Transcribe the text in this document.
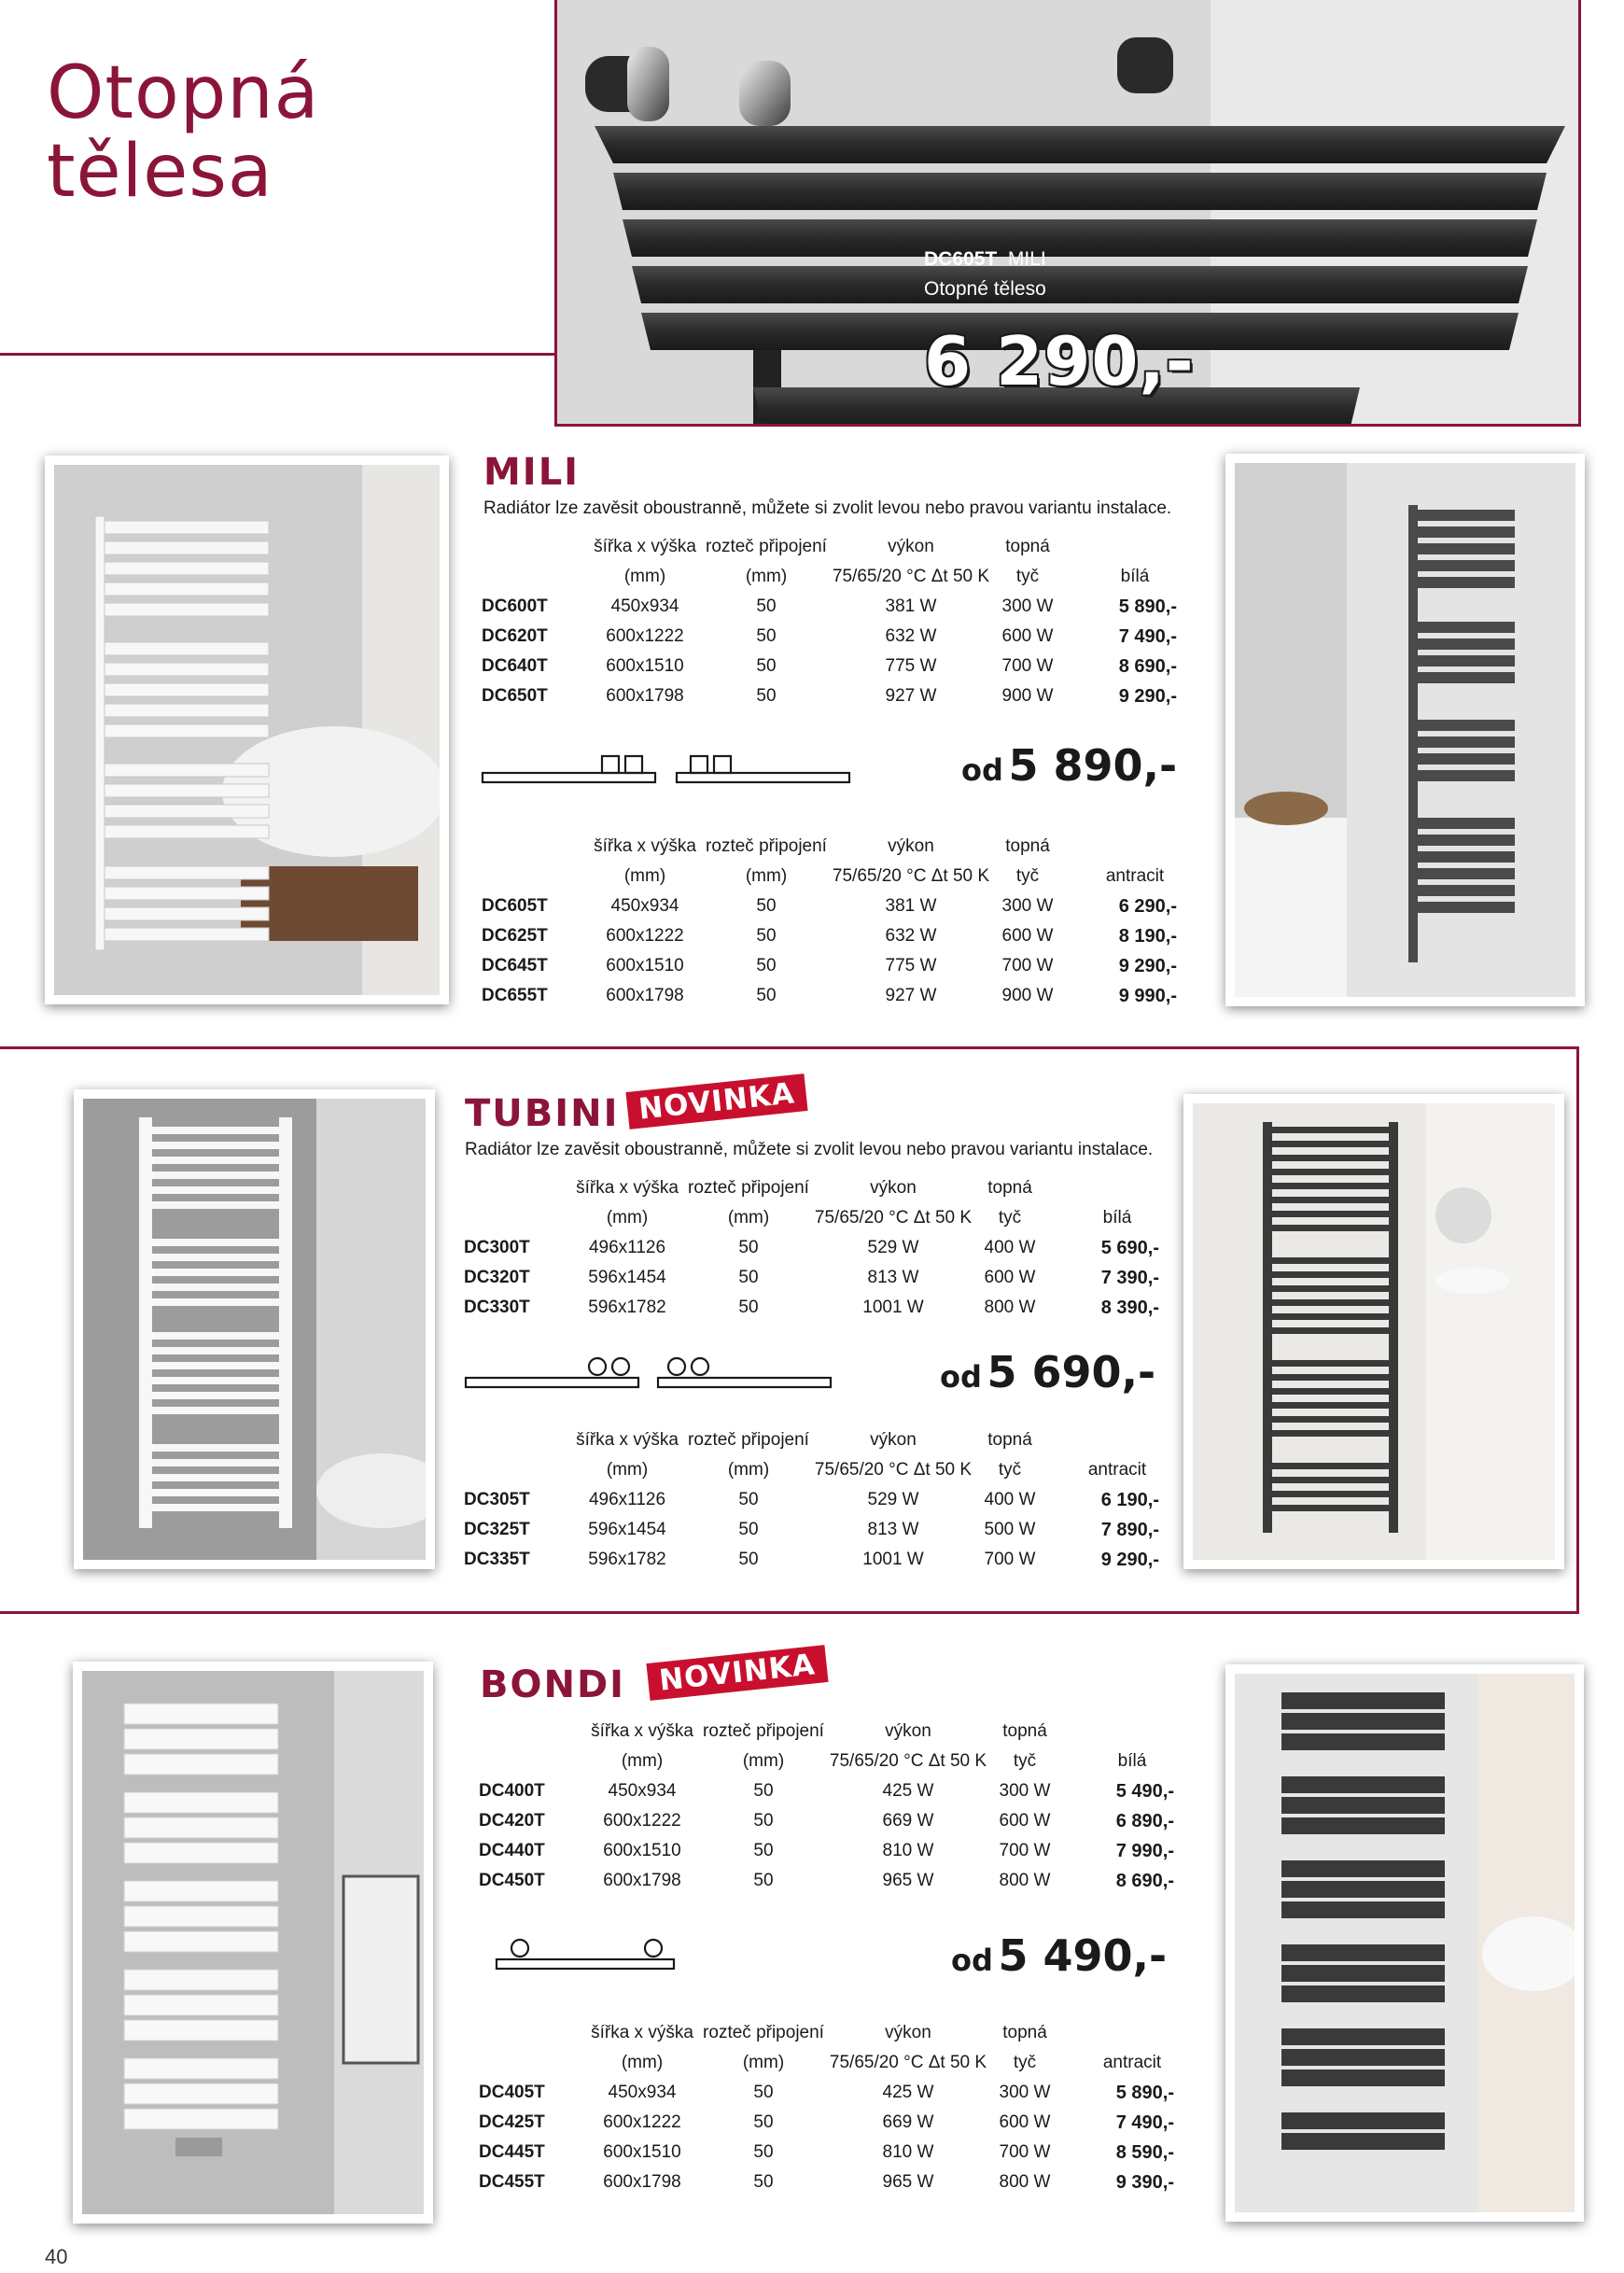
Otopná
tělesa
DC605T MILI
Otopné těleso
6 290,-
MILI
Radiátor lze zavěsit oboustranně, můžete si zvolit levou nebo pravou variantu instalace.
šířka x výška rozteč připojení	výkon	topná
(mm)	(mm)	75/65/20 °C Δt 50 K	tyč	bílá
DC600T	450x934	50	381 W	300 W	5 890,-
DC620T	600x1222	50	632 W	600 W	7 490,-
DC640T	600x1510	50	775 W	700 W	8 690,-
DC650T	600x1798	50	927 W	900 W	9 290,-
od 5 890,-
šířka x výška rozteč připojení	výkon	topná
(mm)	(mm)	75/65/20 °C Δt 50 K	tyč	antracit
DC605T	450x934	50	381 W	300 W	6 290,-
DC625T	600x1222	50	632 W	600 W	8 190,-
DC645T	600x1510	50	775 W	700 W	9 290,-
DC655T	600x1798	50	927 W	900 W	9 990,-
TUBINI NOVINKA
Radiátor lze zavěsit oboustranně, můžete si zvolit levou nebo pravou variantu instalace.
šířka x výška rozteč připojení	výkon	topná
(mm)	(mm)	75/65/20 °C Δt 50 K	tyč	bílá
DC300T	496x1126	50	529 W	400 W	5 690,-
DC320T	596x1454	50	813 W	600 W	7 390,-
DC330T	596x1782	50	1001 W	800 W	8 390,-
od 5 690,-
šířka x výška rozteč připojení	výkon	topná
(mm)	(mm)	75/65/20 °C Δt 50 K	tyč	antracit
DC305T	496x1126	50	529 W	400 W	6 190,-
DC325T	596x1454	50	813 W	500 W	7 890,-
DC335T	596x1782	50	1001 W	700 W	9 290,-
BONDI	NOVINKA
šířka x výška rozteč připojení	výkon	topná
(mm)	(mm)	75/65/20 °C Δt 50 K	tyč	bílá
DC400T	450x934	50	425 W	300 W	5 490,-
DC420T	600x1222	50	669 W	600 W	6 890,-
DC440T	600x1510	50	810 W	700 W	7 990,-
DC450T	600x1798	50	965 W	800 W	8 690,-
od 5 490,-
šířka x výška rozteč připojení	výkon	topná
(mm)	(mm)	75/65/20 °C Δt 50 K	tyč	antracit
DC405T	450x934	50	425 W	300 W	5 890,-
DC425T	600x1222	50	669 W	600 W	7 490,-
DC445T	600x1510	50	810 W	700 W	8 590,-
DC455T	600x1798	50	965 W	800 W	9 390,-
40
